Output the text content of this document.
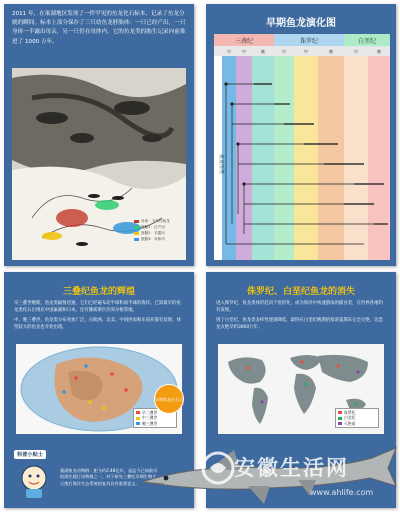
2011 年，在巢湖地区发现了一件罕见的鱼龙化石标本，记录了鱼龙分娩的瞬间。标本上部分保存了三只幼鱼龙胚胎体：一只已经产出，一只身体一半露出母亲，另一只仍在母体内。它的鱼龙类的胎生记录向前推进了 1000 万年。
母体：卡尔伤鱼龙
胚胎1：已产出
胚胎2：半露出
胚胎3：母体内
早期鱼龙演化图
三叠纪	侏罗纪	白垩纪
早	中	晚	早	中	晚	早	晚
鱼龙形类
三叠纪鱼龙的辉煌

早三叠世晚期，鱼龙类辐射迅速，它们已经遍布北半球和南半球的海洋。已知最早的鱼龙类化石出现在中国巢湖和日本，还有挪威斯匹次卑尔根等地。

中、晚三叠世，鱼龙类分布更加广泛，在欧洲、北美、中国西南和东南亚都有发现，体型较大的鱼龙也开始出现。

早三叠世
中三叠世
晚三叠世
早期鱼龙化石点
科普小贴士
巢湖鱼龙动物群：距今约2.48亿年，是迄今已知最早的海生爬行动物群之一，对于研究三叠纪早期生物大灭绝后海洋生态系统的复苏具有重要意义。
侏罗纪、白垩纪鱼龙的消失

进入侏罗纪，鱼龙类体形趋向于鱼形化，成为海洋中快速游泳的捕食者，在世界各地均有发现。

到了白垩纪，鱼龙类多样性逐渐降低，最终在白垩纪晚期的塞诺曼期末完全灭绝，比恐龙灭绝早约3000万年。

侏罗纪
白垩纪
灭绝前
安徽生活网
www.ahlife.com
